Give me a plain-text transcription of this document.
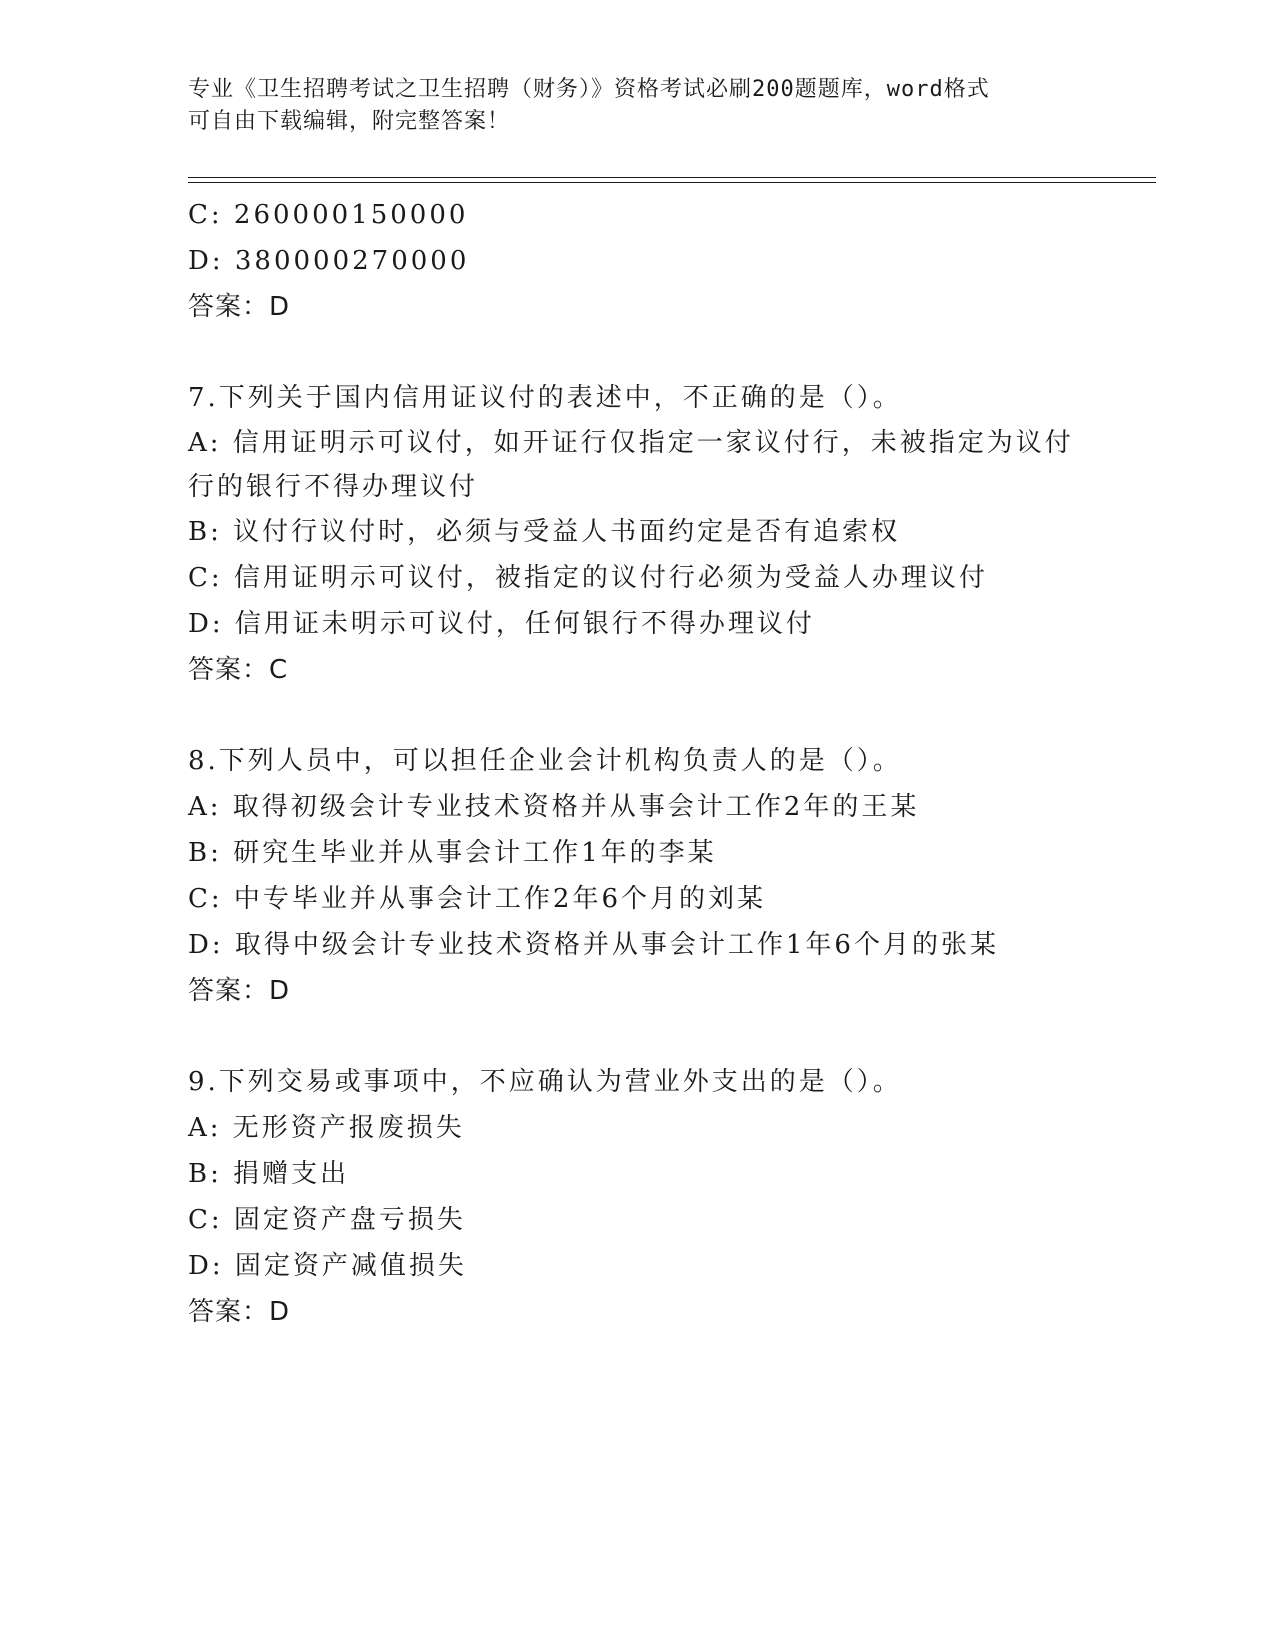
专业《卫生招聘考试之卫生招聘（财务）》资格考试必刷200题题库，word格式
可自由下载编辑，附完整答案！
C: 260000150000
D: 380000270000
答案：D
7.下列关于国内信用证议付的表述中，不正确的是（）。
A: 信用证明示可议付，如开证行仅指定一家议付行，未被指定为议付
行的银行不得办理议付
B: 议付行议付时，必须与受益人书面约定是否有追索权
C: 信用证明示可议付，被指定的议付行必须为受益人办理议付
D: 信用证未明示可议付，任何银行不得办理议付
答案：C
8.下列人员中，可以担任企业会计机构负责人的是（）。
A: 取得初级会计专业技术资格并从事会计工作2年的王某
B: 研究生毕业并从事会计工作1年的李某
C: 中专毕业并从事会计工作2年6个月的刘某
D: 取得中级会计专业技术资格并从事会计工作1年6个月的张某
答案：D
9.下列交易或事项中，不应确认为营业外支出的是（）。
A: 无形资产报废损失
B: 捐赠支出
C: 固定资产盘亏损失
D: 固定资产减值损失
答案：D
